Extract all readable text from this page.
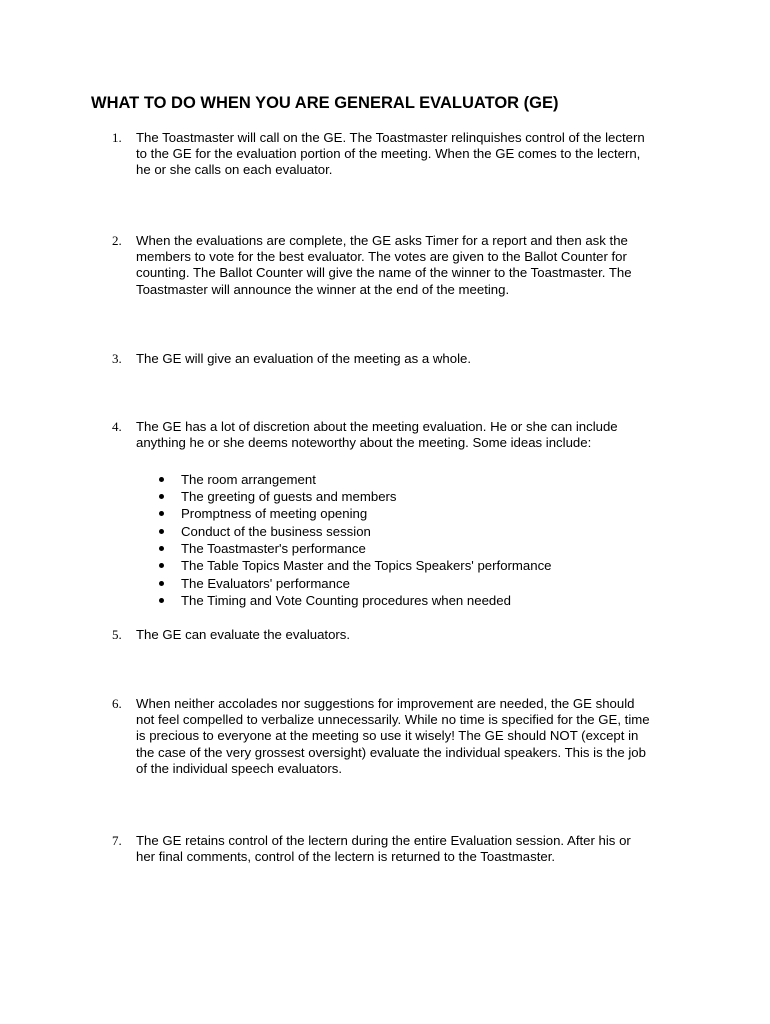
WHAT TO DO WHEN YOU ARE GENERAL EVALUATOR (GE)
1. The Toastmaster will call on the GE. The Toastmaster relinquishes control of the lectern
to the GE for the evaluation portion of the meeting. When the GE comes to the lectern,
he or she calls on each evaluator.

2. When the evaluations are complete, the GE asks Timer for a report and then ask the
members to vote for the best evaluator. The votes are given to the Ballot Counter for
counting. The Ballot Counter will give the name of the winner to the Toastmaster. The
Toastmaster will announce the winner at the end of the meeting.

3. The GE will give an evaluation of the meeting as a whole.

4. The GE has a lot of discretion about the meeting evaluation. He or she can include
anything he or she deems noteworthy about the meeting. Some ideas include:

The room arrangement
The greeting of guests and members
Promptness of meeting opening
Conduct of the business session
The Toastmaster's performance
The Table Topics Master and the Topics Speakers' performance
The Evaluators' performance
The Timing and Vote Counting procedures when needed
5. The GE can evaluate the evaluators.

6. When neither accolades nor suggestions for improvement are needed, the GE should
not feel compelled to verbalize unnecessarily. While no time is specified for the GE, time
is precious to everyone at the meeting so use it wisely! The GE should NOT (except in
the case of the very grossest oversight) evaluate the individual speakers. This is the job
of the individual speech evaluators.

7. The GE retains control of the lectern during the entire Evaluation session. After his or
her final comments, control of the lectern is returned to the Toastmaster.
